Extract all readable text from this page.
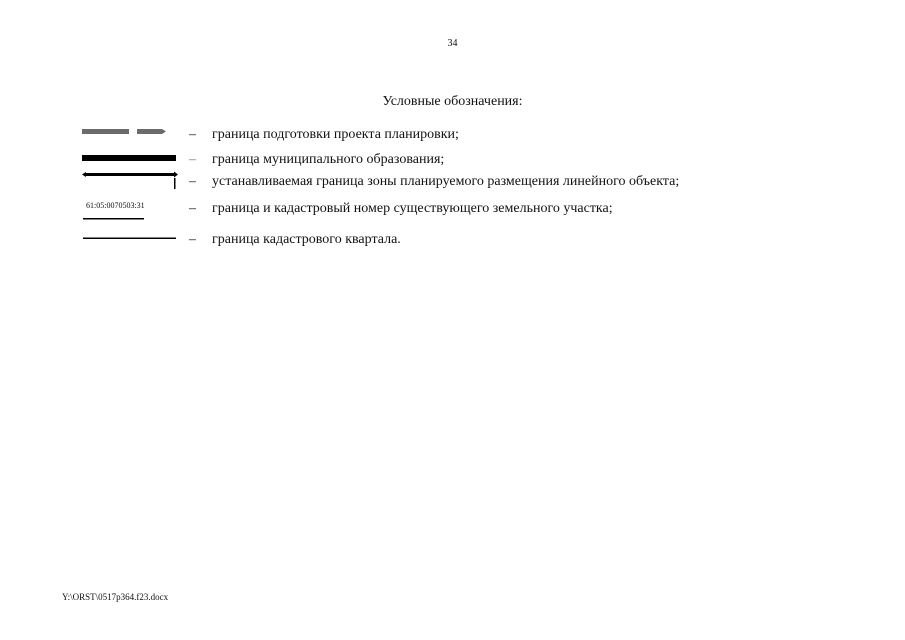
34
Условные обозначения:
– граница подготовки проекта планировки;
– граница муниципального образования;
– устанавливаемая граница зоны планируемого размещения линейного объекта;
61:05:0070503:31	– граница и кадастровый номер существующего земельного участка;
– граница кадастрового квартала.
Y:\ORST\0517p364.f23.docx
